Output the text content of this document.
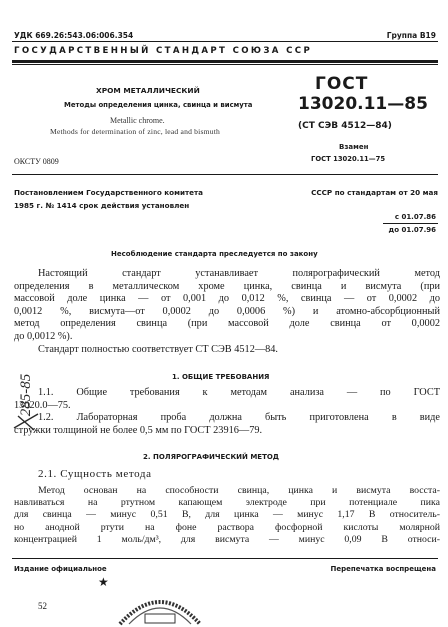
УДК 669.26:543.06:006.354	Группа В19
ГОСУДАРСТВЕННЫЙ СТАНДАРТ СОЮЗА ССР
ХРОМ МЕТАЛЛИЧЕСКИЙ
Методы определения цинка, свинца и висмута
Metallic chrome.
Methods for determination of zinc, lead and bismuth
ГОСТ
13020.11—85
(СТ СЭВ 4512—84)
Взамен
ГОСТ 13020.11—75
ОКСТУ 0809
Постановлением Государственного комитета	СССР по стандартам от 20 мая
1985 г. № 1414 срок действия установлен
с 01.07.86
до 01.07.96
Несоблюдение стандарта преследуется по закону

Настоящий стандарт устанавливает полярографический метод

определения в металлическом хроме цинка, свинца и висмута (при

массовой доле цинка — от 0,001 до 0,012 %, свинца — от 0,0002 до

0,0012 %, висмута—от 0,0002 до 0,0006 %) и атомно-абсорбционный

метод определения свинца (при массовой доле свинца от 0,0002

до 0,0012 %).

Стандарт полностью соответствует СТ СЭВ 4512—84.

1. ОБЩИЕ ТРЕБОВАНИЯ

1.1. Общие требования к методам анализа — по ГОСТ

13020.0—75.

1.2. Лабораторная проба должна быть приготовлена в виде

стружки толщиной не более 0,5 мм по ГОСТ 23916—79.

2. ПОЛЯРОГРАФИЧЕСКИЙ МЕТОД
2.1. Сущность метода

Метод основан на способности свинца, цинка и висмута восста-

навливаться на ртутном капающем электроде при потенциале пика

для свинца — минус 0,51 В, для цинка — минус 1,17 В относитель-

но анодной ртути на фоне раствора фосфорной кислоты молярной

концентрацией 1 моль/дм³, для висмута — минус 0,09 В относи-

Издание официальное	Перепечатка воспрещена
★
52
285-85
